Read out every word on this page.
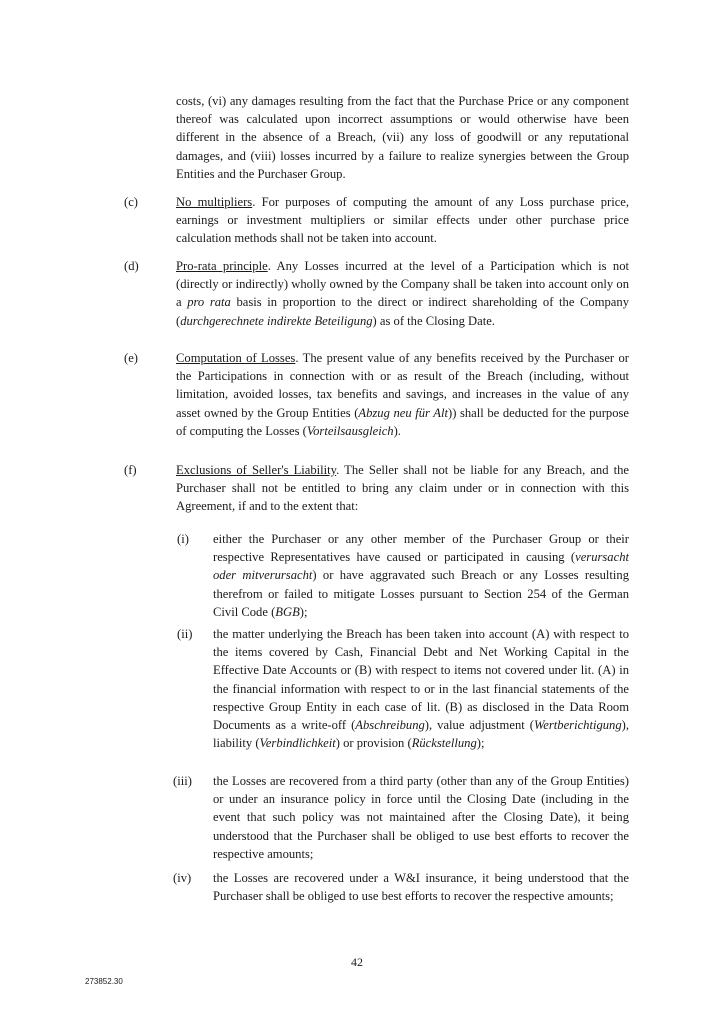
costs, (vi) any damages resulting from the fact that the Purchase Price or any component thereof was calculated upon incorrect assumptions or would otherwise have been different in the absence of a Breach, (vii) any loss of goodwill or any reputational damages, and (viii) losses incurred by a failure to realize synergies between the Group Entities and the Purchaser Group.
(c)	No multipliers. For purposes of computing the amount of any Loss purchase price, earnings or investment multipliers or similar effects under other purchase price calculation methods shall not be taken into account.
(d)	Pro-rata principle. Any Losses incurred at the level of a Participation which is not (directly or indirectly) wholly owned by the Company shall be taken into account only on a pro rata basis in proportion to the direct or indirect shareholding of the Company (durchgerechnete indirekte Beteiligung) as of the Closing Date.
(e)	Computation of Losses. The present value of any benefits received by the Purchaser or the Participations in connection with or as result of the Breach (including, without limitation, avoided losses, tax benefits and savings, and increases in the value of any asset owned by the Group Entities (Abzug neu für Alt)) shall be deducted for the purpose of computing the Losses (Vorteilsausgleich).
(f)	Exclusions of Seller's Liability. The Seller shall not be liable for any Breach, and the Purchaser shall not be entitled to bring any claim under or in connection with this Agreement, if and to the extent that:
(i) either the Purchaser or any other member of the Purchaser Group or their respective Representatives have caused or participated in causing (verursacht oder mitverursacht) or have aggravated such Breach or any Losses resulting therefrom or failed to mitigate Losses pursuant to Section 254 of the German Civil Code (BGB);
(ii) the matter underlying the Breach has been taken into account (A) with respect to the items covered by Cash, Financial Debt and Net Working Capital in the Effective Date Accounts or (B) with respect to items not covered under lit. (A) in the financial information with respect to or in the last financial statements of the respective Group Entity in each case of lit. (B) as disclosed in the Data Room Documents as a write-off (Abschreibung), value adjustment (Wertberichtigung), liability (Verbindlichkeit) or provision (Rückstellung);
(iii) the Losses are recovered from a third party (other than any of the Group Entities) or under an insurance policy in force until the Closing Date (including in the event that such policy was not maintained after the Closing Date), it being understood that the Purchaser shall be obliged to use best efforts to recover the respective amounts;
(iv) the Losses are recovered under a W&I insurance, it being understood that the Purchaser shall be obliged to use best efforts to recover the respective amounts;
42
273852.30
